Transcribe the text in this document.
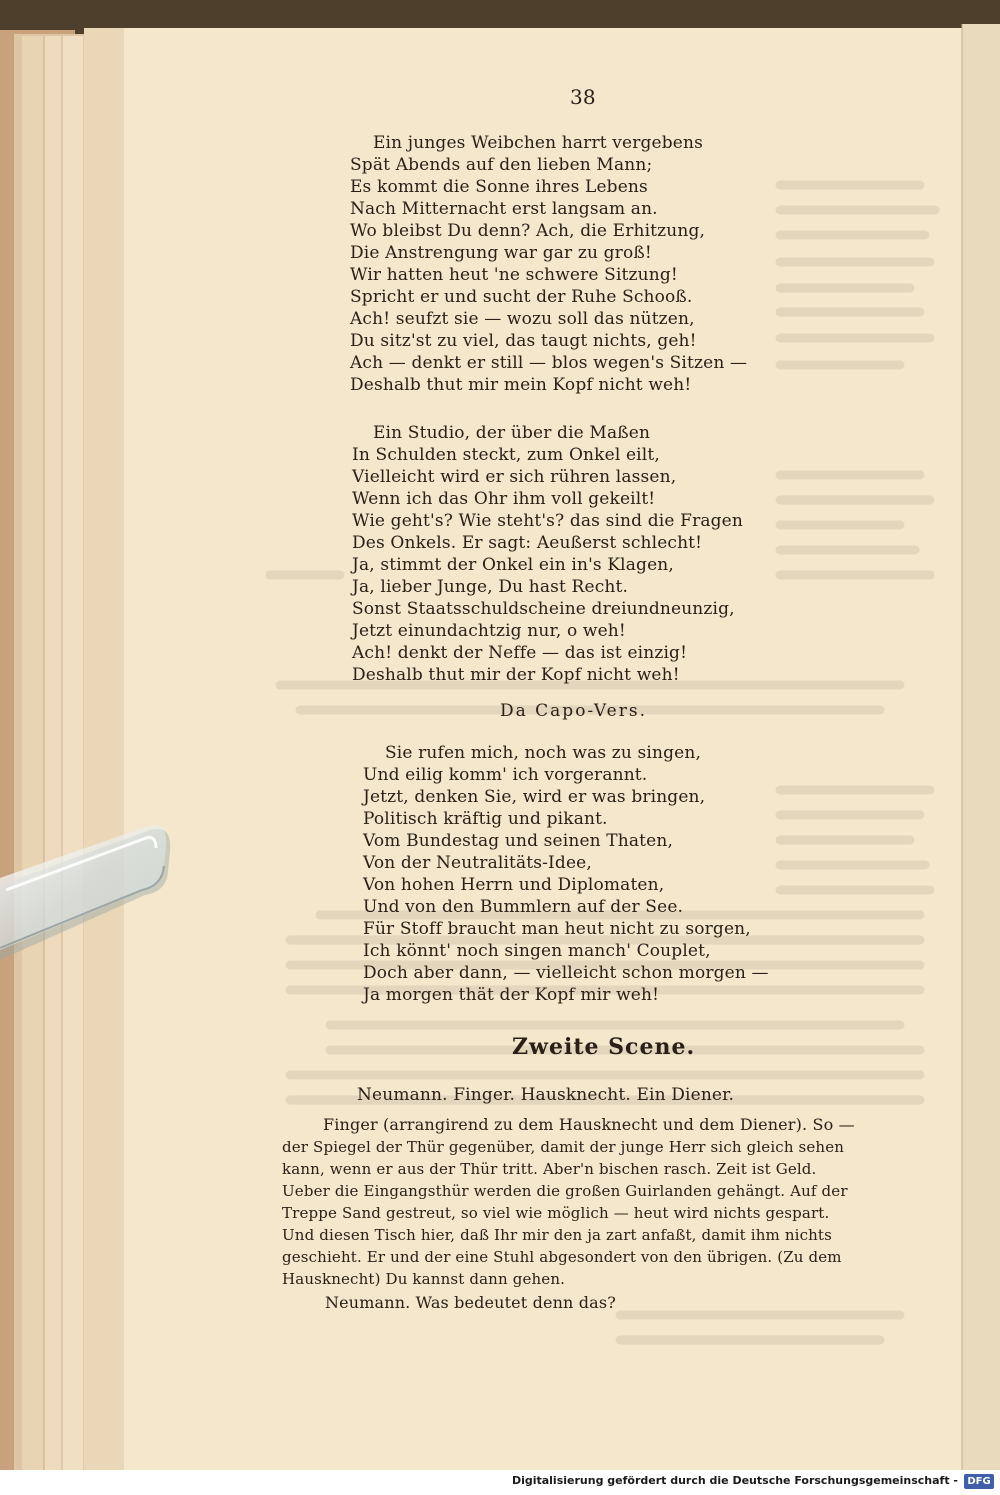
38
Ein junges Weibchen harrt vergebens
Spät Abends auf den lieben Mann;
Es kommt die Sonne ihres Lebens
Nach Mitternacht erst langsam an.
Wo bleibst Du denn? Ach, die Erhitzung,
Die Anstrengung war gar zu groß!
Wir hatten heut 'ne schwere Sitzung!
Spricht er und sucht der Ruhe Schooß.
Ach! seufzt sie — wozu soll das nützen,
Du sitz'st zu viel, das taugt nichts, geh!
Ach — denkt er still — blos wegen's Sitzen —
Deshalb thut mir mein Kopf nicht weh!
Ein Studio, der über die Maßen
In Schulden steckt, zum Onkel eilt,
Vielleicht wird er sich rühren lassen,
Wenn ich das Ohr ihm voll gekeilt!
Wie geht's? Wie steht's? das sind die Fragen
Des Onkels. Er sagt: Aeußerst schlecht!
Ja, stimmt der Onkel ein in's Klagen,
Ja, lieber Junge, Du hast Recht.
Sonst Staatsschuldscheine dreiundneunzig,
Jetzt einundachtzig nur, o weh!
Ach! denkt der Neffe — das ist einzig!
Deshalb thut mir der Kopf nicht weh!
Da Capo-Vers.
Sie rufen mich, noch was zu singen,
Und eilig komm' ich vorgerannt.
Jetzt, denken Sie, wird er was bringen,
Politisch kräftig und pikant.
Vom Bundestag und seinen Thaten,
Von der Neutralitäts-Idee,
Von hohen Herrn und Diplomaten,
Und von den Bummlern auf der See.
Für Stoff braucht man heut nicht zu sorgen,
Ich könnt' noch singen manch' Couplet,
Doch aber dann, — vielleicht schon morgen —
Ja morgen thät der Kopf mir weh!
Zweite Scene.
Neumann. Finger. Hausknecht. Ein Diener.
Finger (arrangirend zu dem Hausknecht und dem Diener). So —
der Spiegel der Thür gegenüber, damit der junge Herr sich gleich sehen
kann, wenn er aus der Thür tritt. Aber'n bischen rasch. Zeit ist Geld.
Ueber die Eingangsthür werden die großen Guirlanden gehängt. Auf der
Treppe Sand gestreut, so viel wie möglich — heut wird nichts gespart.
Und diesen Tisch hier, daß Ihr mir den ja zart anfaßt, damit ihm nichts
geschieht. Er und der eine Stuhl abgesondert von den übrigen. (Zu dem
Hausknecht) Du kannst dann gehen.
Neumann. Was bedeutet denn das?
Digitalisierung gefördert durch die Deutsche Forschungsgemeinschaft - DFG
